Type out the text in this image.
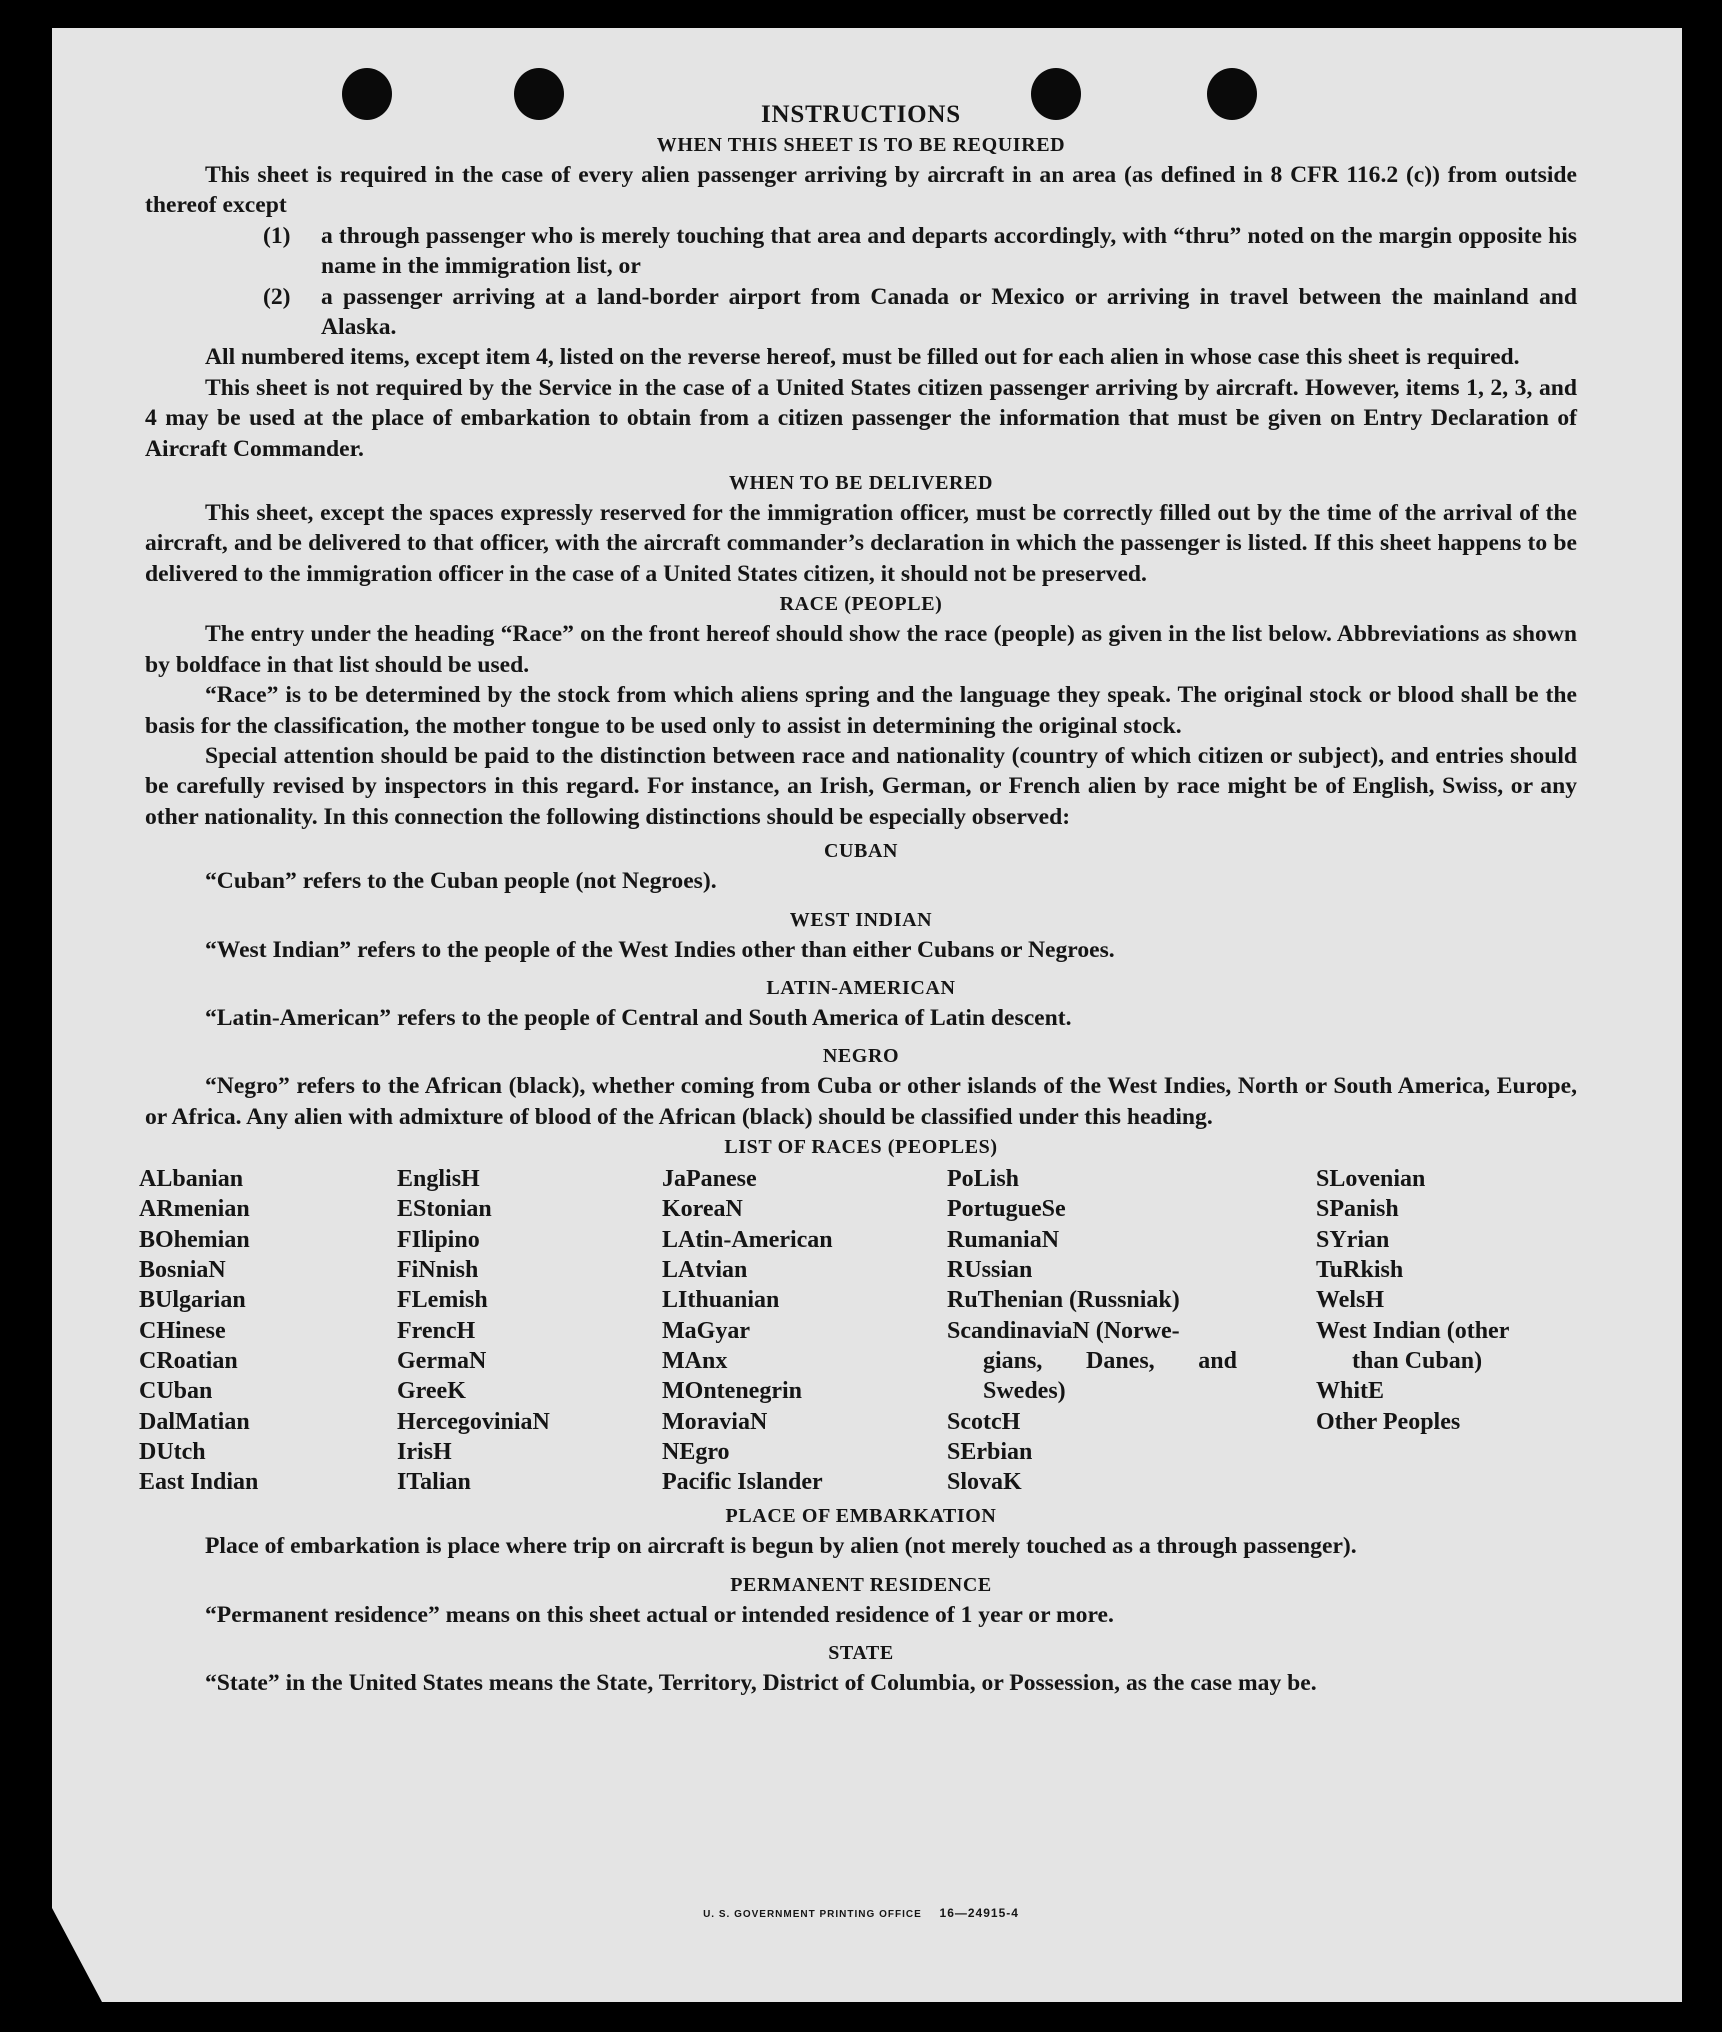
INSTRUCTIONS
WHEN THIS SHEET IS TO BE REQUIRED

This sheet is required in the case of every alien passenger arriving by aircraft in an area (as defined in 8 CFR 116.2 (c)) from outside thereof except

(1)	a through passenger who is merely touching that area and departs accordingly, with “thru” noted on the margin opposite his name in the immigration list, or
(2)	a passenger arriving at a land-border airport from Canada or Mexico or arriving in travel between the mainland and Alaska.

All numbered items, except item 4, listed on the reverse hereof, must be filled out for each alien in whose case this sheet is required.

This sheet is not required by the Service in the case of a United States citizen passenger arriving by aircraft. However, items 1, 2, 3, and 4 may be used at the place of embarkation to obtain from a citizen passenger the information that must be given on Entry Declaration of Aircraft Commander.

WHEN TO BE DELIVERED

This sheet, except the spaces expressly reserved for the immigration officer, must be correctly filled out by the time of the arrival of the aircraft, and be delivered to that officer, with the aircraft commander’s declaration in which the passenger is listed. If this sheet happens to be delivered to the immigration officer in the case of a United States citizen, it should not be preserved.

RACE (PEOPLE)

The entry under the heading “Race” on the front hereof should show the race (people) as given in the list below. Abbreviations as shown by boldface in that list should be used.

“Race” is to be determined by the stock from which aliens spring and the language they speak. The original stock or blood shall be the basis for the classification, the mother tongue to be used only to assist in determining the original stock.

Special attention should be paid to the distinction between race and nationality (country of which citizen or subject), and entries should be carefully revised by inspectors in this regard. For instance, an Irish, German, or French alien by race might be of English, Swiss, or any other nationality. In this connection the following distinctions should be especially observed:

CUBAN

“Cuban” refers to the Cuban people (not Negroes).

WEST INDIAN

“West Indian” refers to the people of the West Indies other than either Cubans or Negroes.

LATIN-AMERICAN

“Latin-American” refers to the people of Central and South America of Latin descent.

NEGRO

“Negro” refers to the African (black), whether coming from Cuba or other islands of the West Indies, North or South America, Europe, or Africa. Any alien with admixture of blood of the African (black) should be classified under this heading.

LIST OF RACES (PEOPLES)
ALbanian
ARmenian
BOhemian
BosniaN
BUlgarian
CHinese
CRoatian
CUban
DalMatian
DUtch
East Indian
EnglisH
EStonian
FIlipino
FiNnish
FLemish
FrencH
GermaN
GreeK
HercegoviniaN
IrisH
ITalian
JaPanese
KoreaN
LAtin-American
LAtvian
LIthuanian
MaGyar
MAnx
MOntenegrin
MoraviaN
NEgro
Pacific Islander
PoLish
PortugueSe
RumaniaN
RUssian
RuThenian (Russniak)
ScandinaviaN (Norwe-
gians, Danes, and Swedes)
ScotcH
SErbian
SlovaK
SLovenian
SPanish
SYrian
TuRkish
WelsH
West Indian (other
than Cuban)
WhitE
Other Peoples
PLACE OF EMBARKATION

Place of embarkation is place where trip on aircraft is begun by alien (not merely touched as a through passenger).

PERMANENT RESIDENCE

“Permanent residence” means on this sheet actual or intended residence of 1 year or more.

STATE

“State” in the United States means the State, Territory, District of Columbia, or Possession, as the case may be.

U. S. GOVERNMENT PRINTING OFFICE 16—24915-4
